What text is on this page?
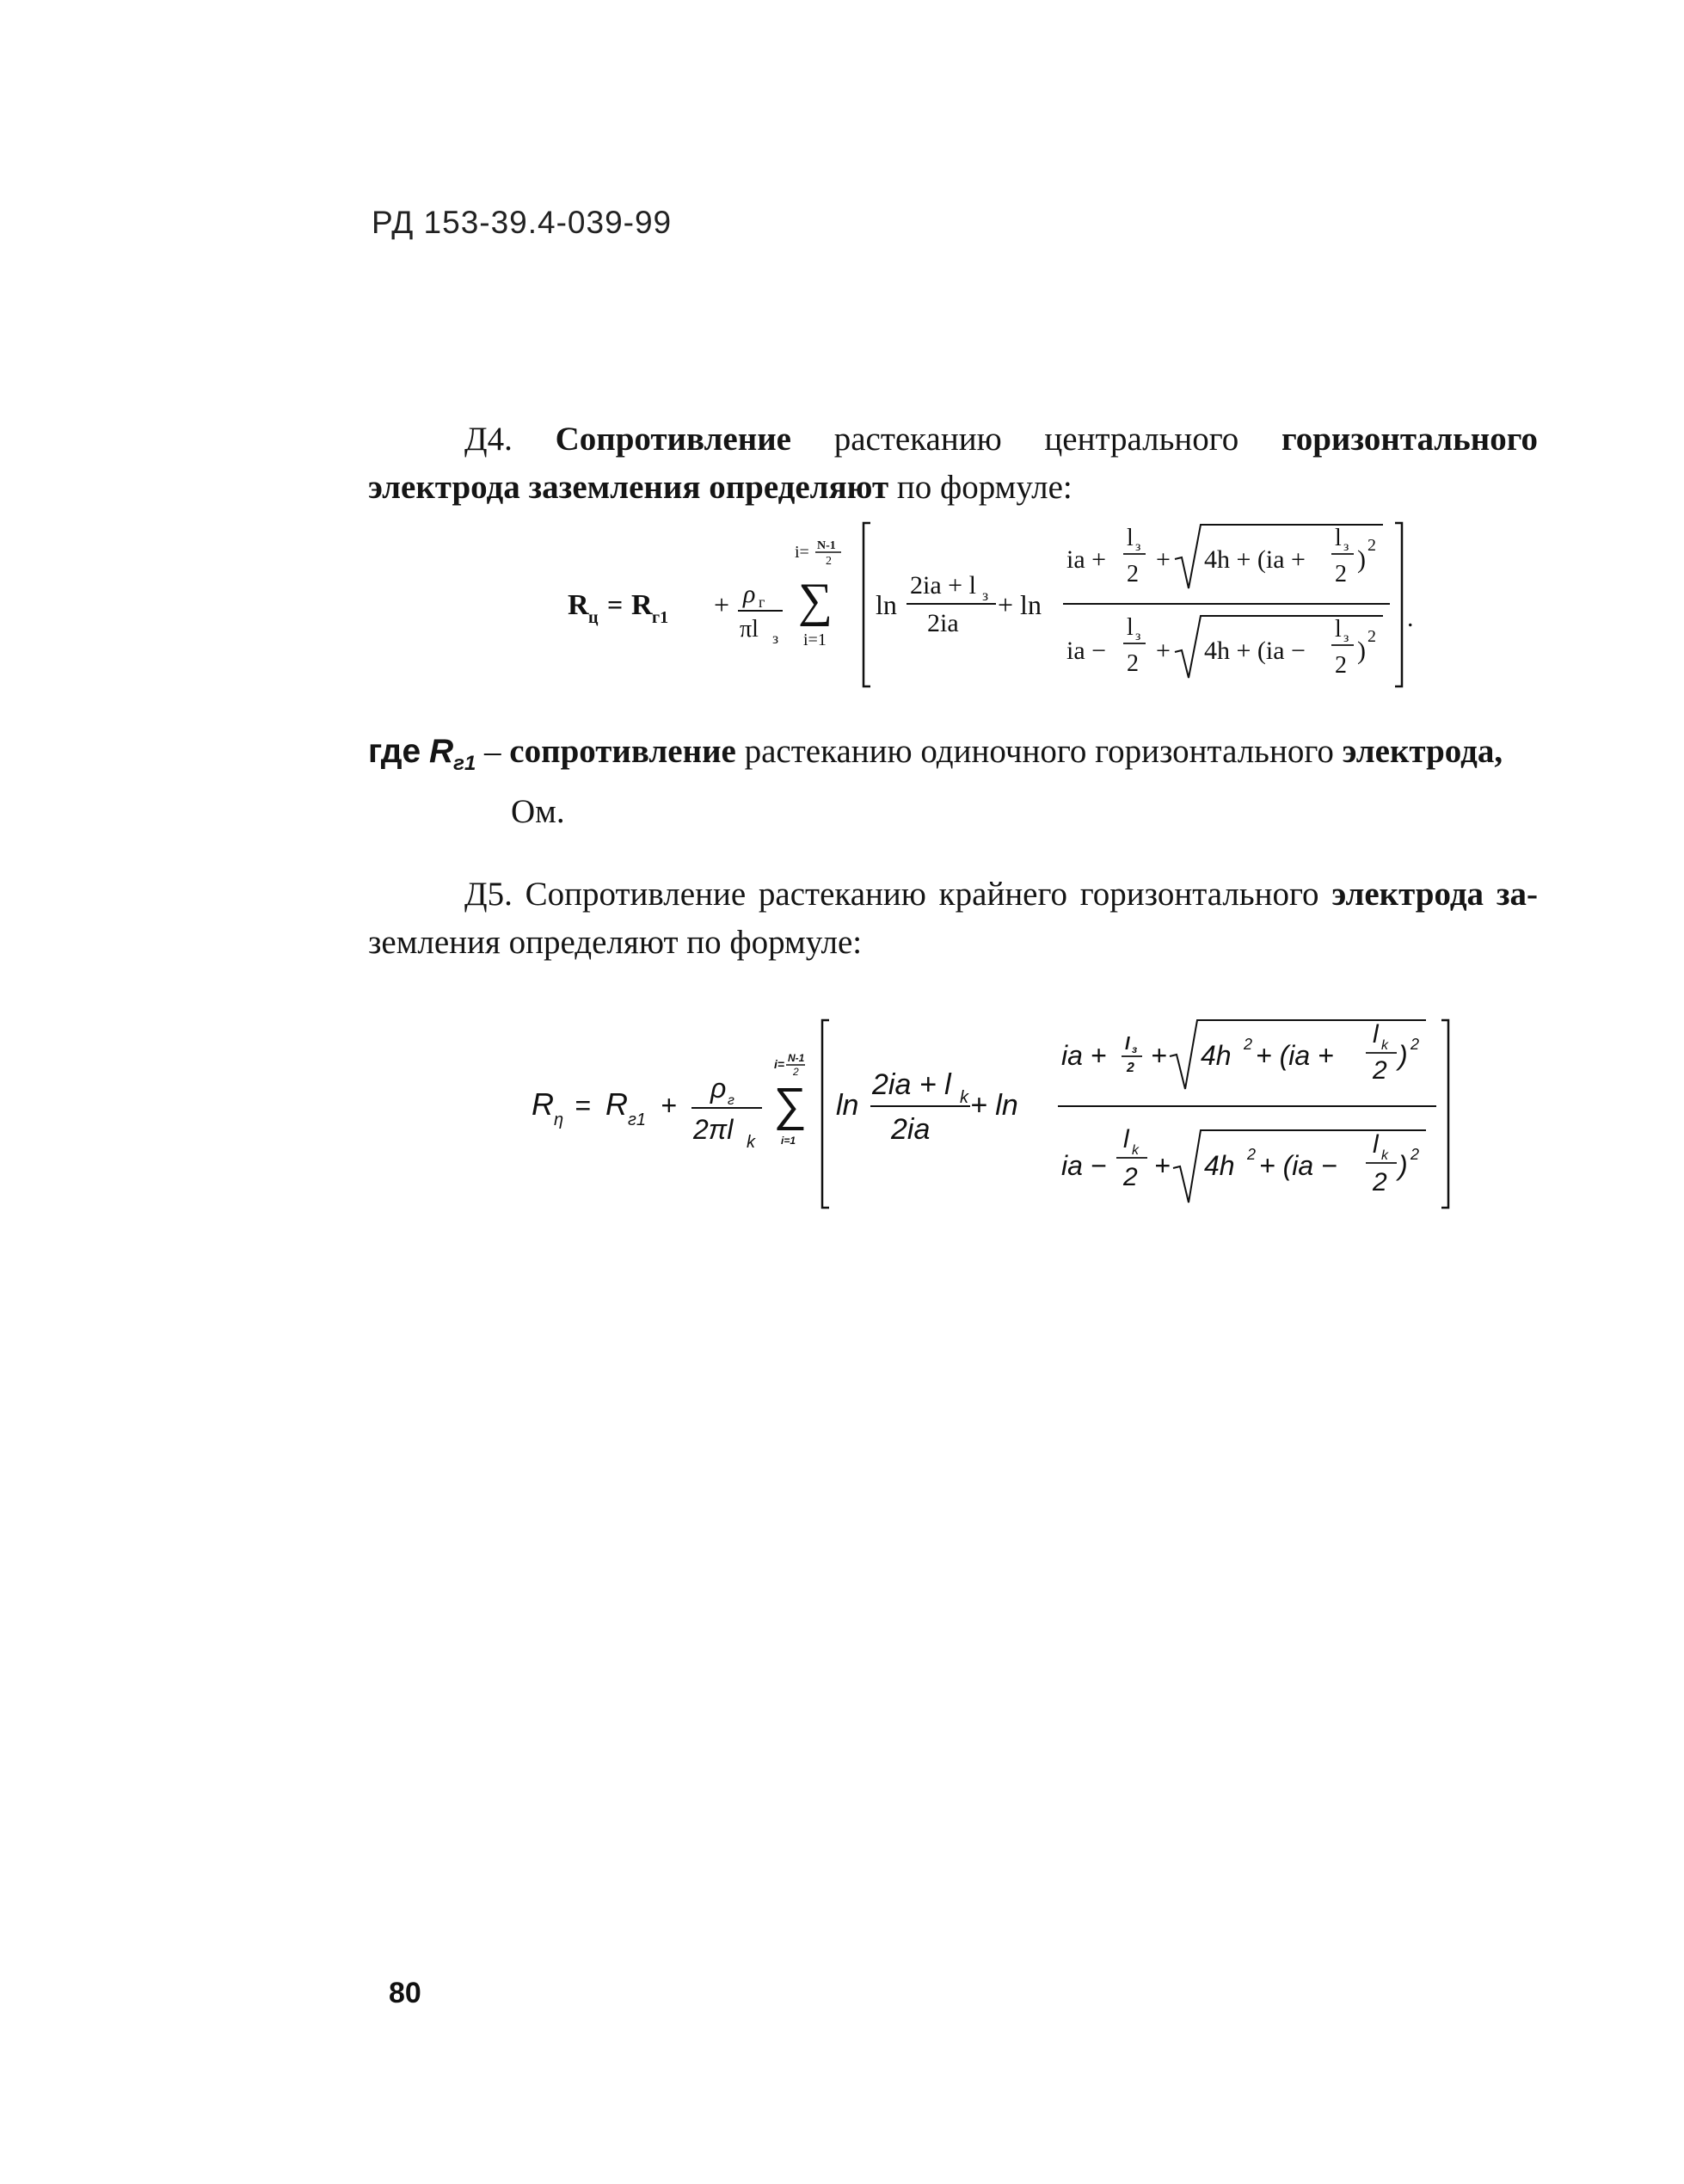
РД 153-39.4-039-99
Д4. Сопротивление растеканию центрального горизонтального электрода заземления определяют по формуле:
R ц = R г1 + ρ г
πl з
i= N-1
2
∑
i=1
ln
2ia + l з
2ia
+ ln
ia +
l з
2
+ 4h + (ia +
l з
2
) 2
ia −
l з
2 + 4h + (ia −
l з
2
) 2
.
где $R_{г1}$ – сопротивление растеканию одиночного горизонтального электрода,
Ом.
Д5. Сопротивление растеканию крайнего горизонтального электрода за- земления определяют по формуле:
R η = R г1 +
ρ г
2πl k
i= N-1
2
∑
i=1
ln
2ia + l k
2ia
+ ln
ia + l з
2 + 4h 2 + (ia +
l k
2 ) 2
ia −
l k
2 + 4h 2 + (ia −
l k
2
) 2
80
